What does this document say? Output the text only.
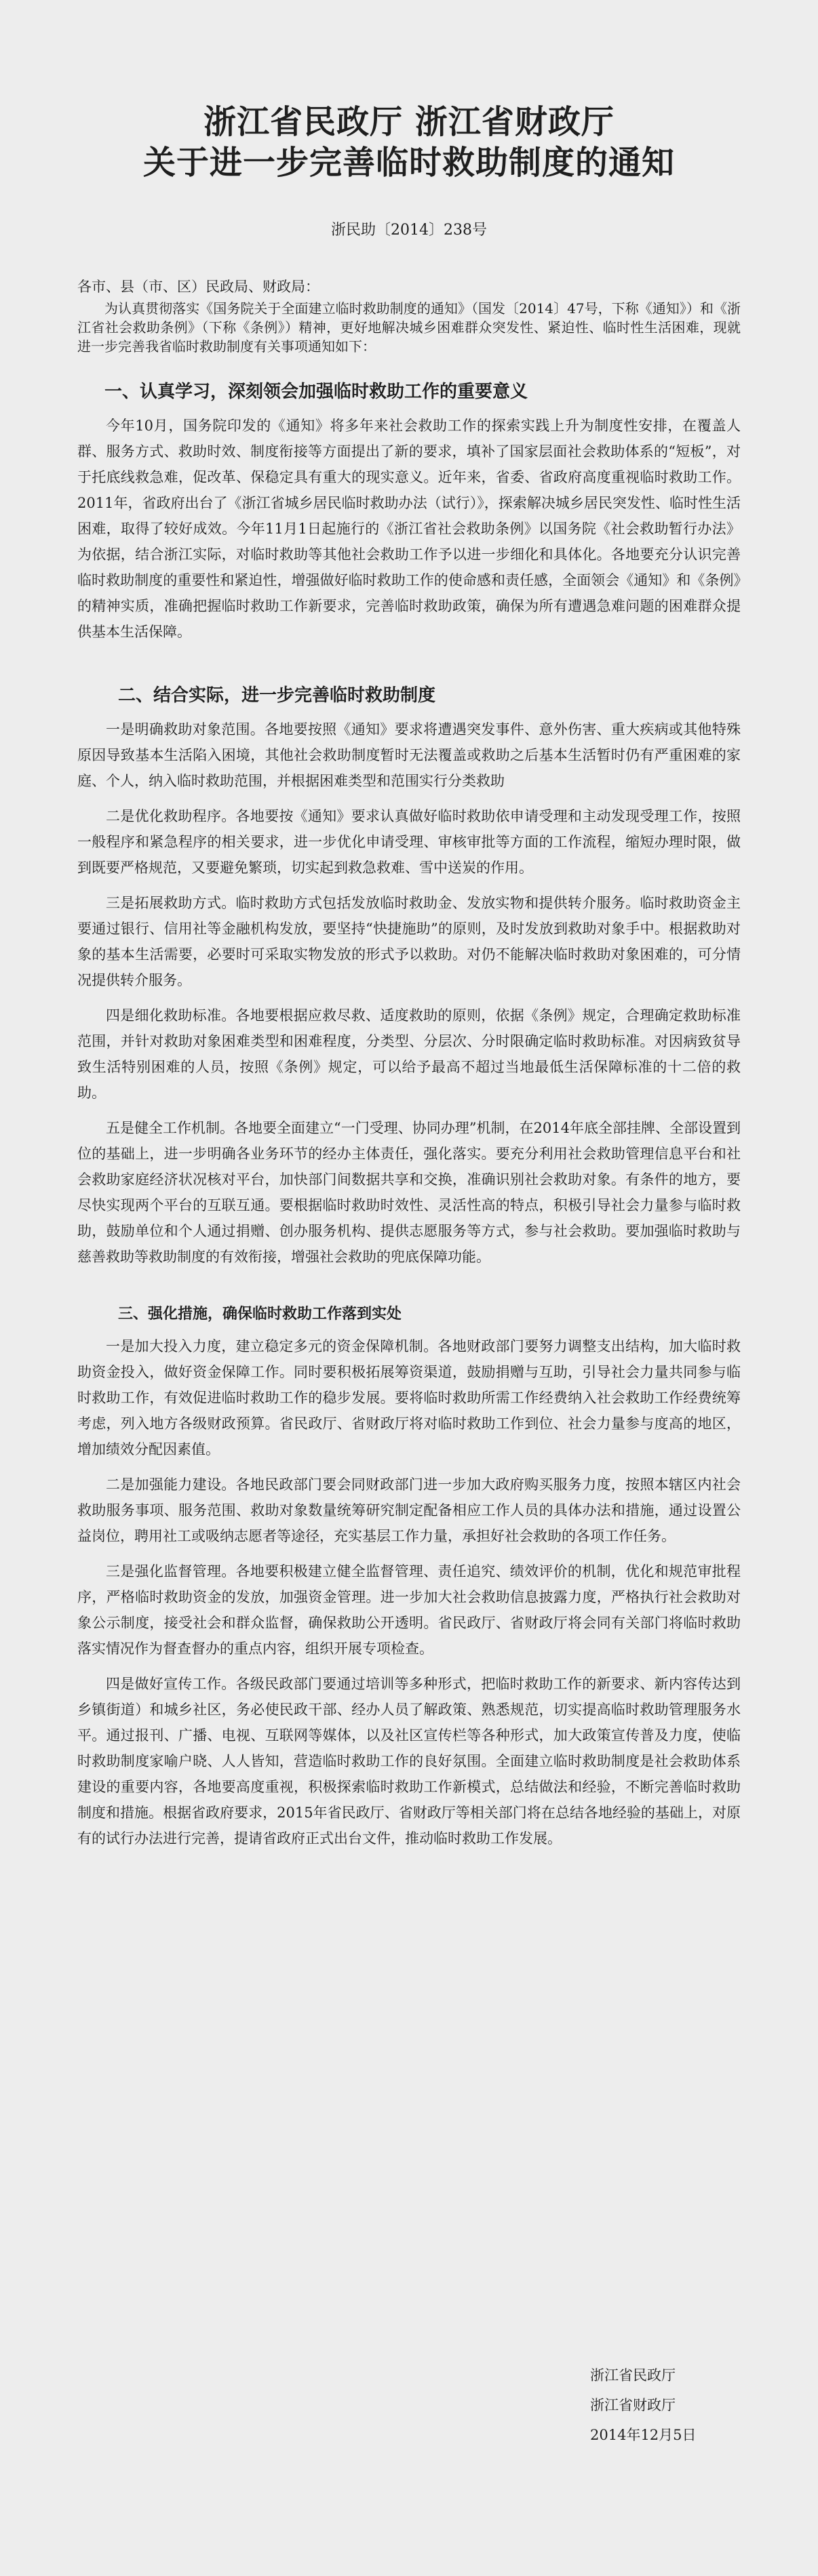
浙江省民政厅 浙江省财政厅
关于进一步完善临时救助制度的通知
浙民助〔2014〕238号

各市、县（市、区）民政局、财政局：

为认真贯彻落实《国务院关于全面建立临时救助制度的通知》（国发〔2014〕47号，下称《通知》）和《浙江省社会救助条例》（下称《条例》）精神，更好地解决城乡困难群众突发性、紧迫性、临时性生活困难，现就进一步完善我省临时救助制度有关事项通知如下：

一、认真学习，深刻领会加强临时救助工作的重要意义

今年10月，国务院印发的《通知》将多年来社会救助工作的探索实践上升为制度性安排，在覆盖人群、服务方式、救助时效、制度衔接等方面提出了新的要求，填补了国家层面社会救助体系的“短板”，对于托底线救急难，促改革、保稳定具有重大的现实意义。近年来，省委、省政府高度重视临时救助工作。2011年，省政府出台了《浙江省城乡居民临时救助办法（试行）》，探索解决城乡居民突发性、临时性生活困难，取得了较好成效。今年11月1日起施行的《浙江省社会救助条例》以国务院《社会救助暂行办法》为依据，结合浙江实际，对临时救助等其他社会救助工作予以进一步细化和具体化。各地要充分认识完善临时救助制度的重要性和紧迫性，增强做好临时救助工作的使命感和责任感，全面领会《通知》和《条例》的精神实质，准确把握临时救助工作新要求，完善临时救助政策，确保为所有遭遇急难问题的困难群众提供基本生活保障。

二、结合实际，进一步完善临时救助制度

一是明确救助对象范围。各地要按照《通知》要求将遭遇突发事件、意外伤害、重大疾病或其他特殊原因导致基本生活陷入困境，其他社会救助制度暂时无法覆盖或救助之后基本生活暂时仍有严重困难的家庭、个人，纳入临时救助范围，并根据困难类型和范围实行分类救助

二是优化救助程序。各地要按《通知》要求认真做好临时救助依申请受理和主动发现受理工作，按照一般程序和紧急程序的相关要求，进一步优化申请受理、审核审批等方面的工作流程，缩短办理时限，做到既要严格规范，又要避免繁琐，切实起到救急救难、雪中送炭的作用。

三是拓展救助方式。临时救助方式包括发放临时救助金、发放实物和提供转介服务。临时救助资金主要通过银行、信用社等金融机构发放，要坚持“快捷施助”的原则，及时发放到救助对象手中。根据救助对象的基本生活需要，必要时可采取实物发放的形式予以救助。对仍不能解决临时救助对象困难的，可分情况提供转介服务。

四是细化救助标准。各地要根据应救尽救、适度救助的原则，依据《条例》规定，合理确定救助标准范围，并针对救助对象困难类型和困难程度，分类型、分层次、分时限确定临时救助标准。对因病致贫导致生活特别困难的人员，按照《条例》规定，可以给予最高不超过当地最低生活保障标准的十二倍的救助。

五是健全工作机制。各地要全面建立“一门受理、协同办理”机制，在2014年底全部挂牌、全部设置到位的基础上，进一步明确各业务环节的经办主体责任，强化落实。要充分利用社会救助管理信息平台和社会救助家庭经济状况核对平台，加快部门间数据共享和交换，准确识别社会救助对象。有条件的地方，要尽快实现两个平台的互联互通。要根据临时救助时效性、灵活性高的特点，积极引导社会力量参与临时救助，鼓励单位和个人通过捐赠、创办服务机构、提供志愿服务等方式，参与社会救助。要加强临时救助与慈善救助等救助制度的有效衔接，增强社会救助的兜底保障功能。

三、强化措施，确保临时救助工作落到实处

一是加大投入力度，建立稳定多元的资金保障机制。各地财政部门要努力调整支出结构，加大临时救助资金投入，做好资金保障工作。同时要积极拓展筹资渠道，鼓励捐赠与互助，引导社会力量共同参与临时救助工作，有效促进临时救助工作的稳步发展。要将临时救助所需工作经费纳入社会救助工作经费统筹考虑，列入地方各级财政预算。省民政厅、省财政厅将对临时救助工作到位、社会力量参与度高的地区，增加绩效分配因素值。

二是加强能力建设。各地民政部门要会同财政部门进一步加大政府购买服务力度，按照本辖区内社会救助服务事项、服务范围、救助对象数量统筹研究制定配备相应工作人员的具体办法和措施，通过设置公益岗位，聘用社工或吸纳志愿者等途径，充实基层工作力量，承担好社会救助的各项工作任务。

三是强化监督管理。各地要积极建立健全监督管理、责任追究、绩效评价的机制，优化和规范审批程序，严格临时救助资金的发放，加强资金管理。进一步加大社会救助信息披露力度，严格执行社会救助对象公示制度，接受社会和群众监督，确保救助公开透明。省民政厅、省财政厅将会同有关部门将临时救助落实情况作为督查督办的重点内容，组织开展专项检查。

四是做好宣传工作。各级民政部门要通过培训等多种形式，把临时救助工作的新要求、新内容传达到乡镇街道）和城乡社区，务必使民政干部、经办人员了解政策、熟悉规范，切实提高临时救助管理服务水平。通过报刊、广播、电视、互联网等媒体，以及社区宣传栏等各种形式，加大政策宣传普及力度，使临时救助制度家喻户晓、人人皆知，营造临时救助工作的良好氛围。全面建立临时救助制度是社会救助体系建设的重要内容，各地要高度重视，积极探索临时救助工作新模式，总结做法和经验，不断完善临时救助制度和措施。根据省政府要求，2015年省民政厅、省财政厅等相关部门将在总结各地经验的基础上，对原有的试行办法进行完善，提请省政府正式出台文件，推动临时救助工作发展。

浙江省民政厅
浙江省财政厅
2014年12月5日
